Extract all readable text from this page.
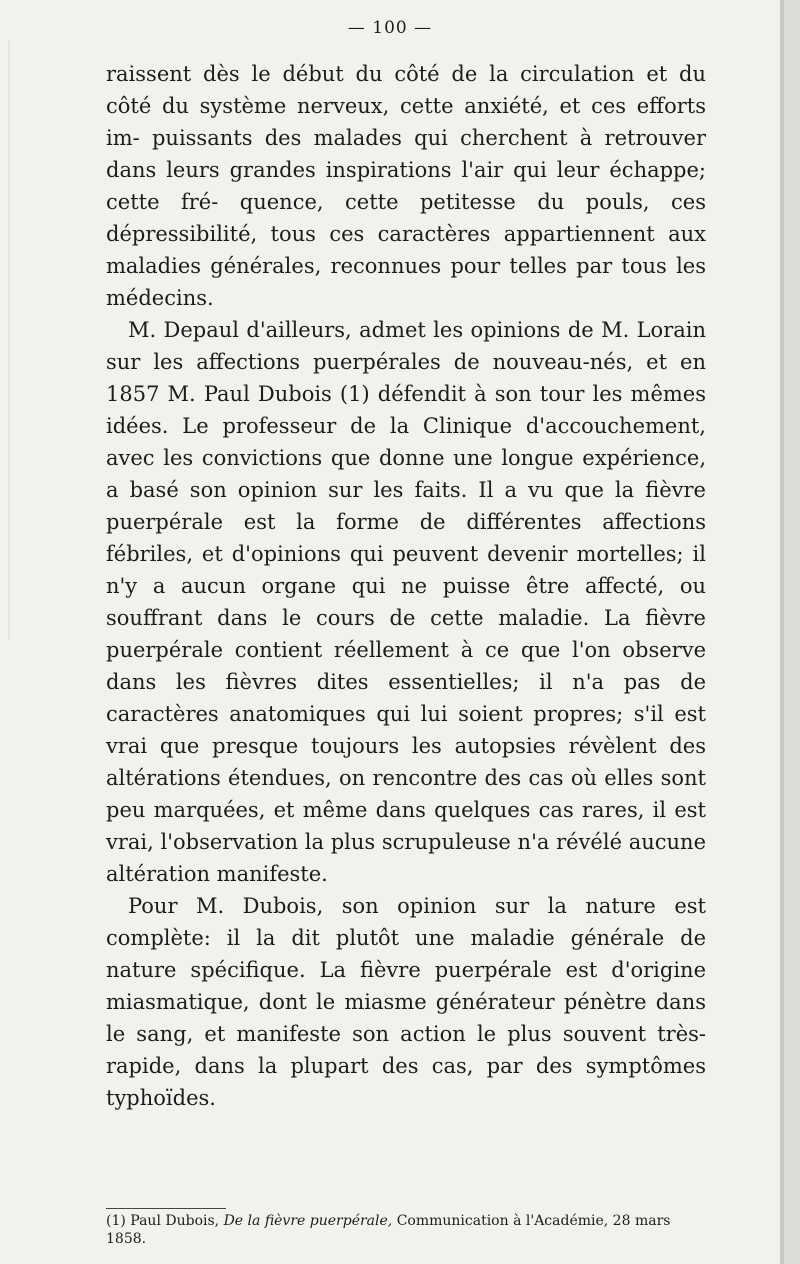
— 100 —

raissent dès le début du côté de la circulation et du côté du système nerveux, cette anxiété, et ces efforts im- puissants des malades qui cherchent à retrouver dans leurs grandes inspirations l'air qui leur échappe; cette fré- quence, cette petitesse du pouls, ces dépressibilité, tous ces caractères appartiennent aux maladies générales, reconnues pour telles par tous les médecins.

M. Depaul d'ailleurs, admet les opinions de M. Lorain sur les affections puerpérales de nouveau-nés, et en 1857 M. Paul Dubois (1) défendit à son tour les mêmes idées. Le professeur de la Clinique d'accouchement, avec les convictions que donne une longue expérience, a basé son opinion sur les faits. Il a vu que la fièvre puerpérale est la forme de différentes affections fébriles, et d'opinions qui peuvent devenir mortelles; il n'y a aucun organe qui ne puisse être affecté, ou souffrant dans le cours de cette maladie. La fièvre puerpérale contient réellement à ce que l'on observe dans les fièvres dites essentielles; il n'a pas de caractères anatomiques qui lui soient propres; s'il est vrai que presque toujours les autopsies révèlent des altérations étendues, on rencontre des cas où elles sont peu marquées, et même dans quelques cas rares, il est vrai, l'observation la plus scrupuleuse n'a révélé aucune altération manifeste.

Pour M. Dubois, son opinion sur la nature est complète: il la dit plutôt une maladie générale de nature spécifique. La fièvre puerpérale est d'origine miasmatique, dont le miasme générateur pénètre dans le sang, et manifeste son action le plus souvent très-rapide, dans la plupart des cas, par des symptômes typhoïdes.

(1) Paul Dubois, De la fièvre puerpérale, Communication à l'Académie, 28 mars 1858.
